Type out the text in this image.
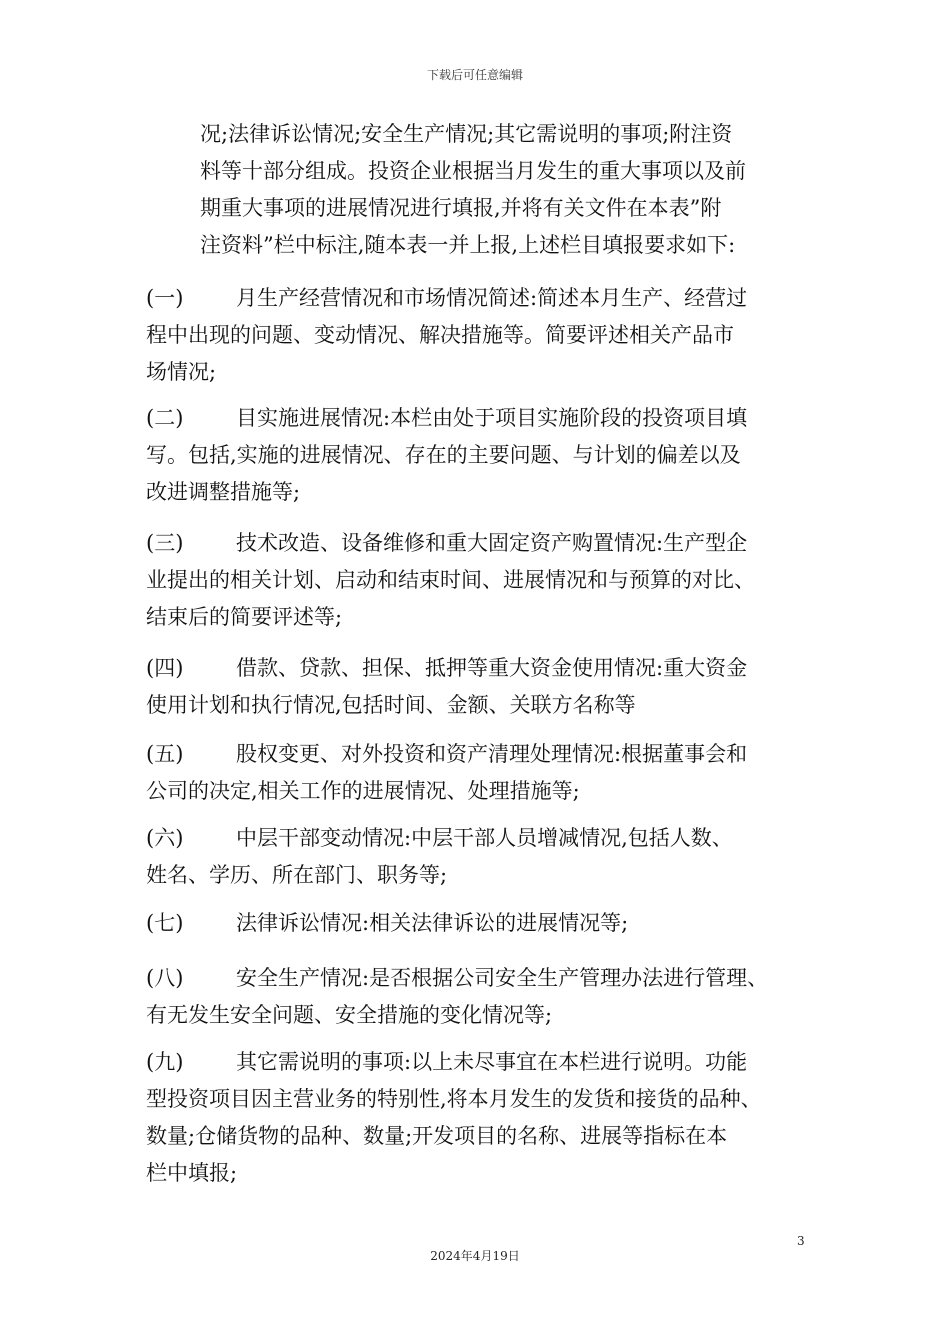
下载后可任意编辑

况;法律诉讼情况;安全生产情况;其它需说明的事项;附注资

料等十部分组成。投资企业根据当月发生的重大事项以及前

期重大事项的进展情况进行填报,并将有关文件在本表”附

注资料”栏中标注,随本表一并上报,上述栏目填报要求如下:

(一)	月生产经营情况和市场情况简述:简述本月生产、经营过

程中出现的问题、变动情况、解决措施等。简要评述相关产品市

场情况;

(二)	目实施进展情况:本栏由处于项目实施阶段的投资项目填

写。包括,实施的进展情况、存在的主要问题、与计划的偏差以及

改进调整措施等;

(三)	技术改造、设备维修和重大固定资产购置情况:生产型企

业提出的相关计划、启动和结束时间、进展情况和与预算的对比、

结束后的简要评述等;

(四)	借款、贷款、担保、抵押等重大资金使用情况:重大资金

使用计划和执行情况,包括时间、金额、关联方名称等

(五)	股权变更、对外投资和资产清理处理情况:根据董事会和

公司的决定,相关工作的进展情况、处理措施等;

(六)	中层干部变动情况:中层干部人员增减情况,包括人数、

姓名、学历、所在部门、职务等;

(七)	法律诉讼情况:相关法律诉讼的进展情况等;

(八)	安全生产情况:是否根据公司安全生产管理办法进行管理、

有无发生安全问题、安全措施的变化情况等;

(九)	其它需说明的事项:以上未尽事宜在本栏进行说明。功能

型投资项目因主营业务的特别性,将本月发生的发货和接货的品种、

数量;仓储货物的品种、数量;开发项目的名称、进展等指标在本

栏中填报;

3
2024年4月19日
